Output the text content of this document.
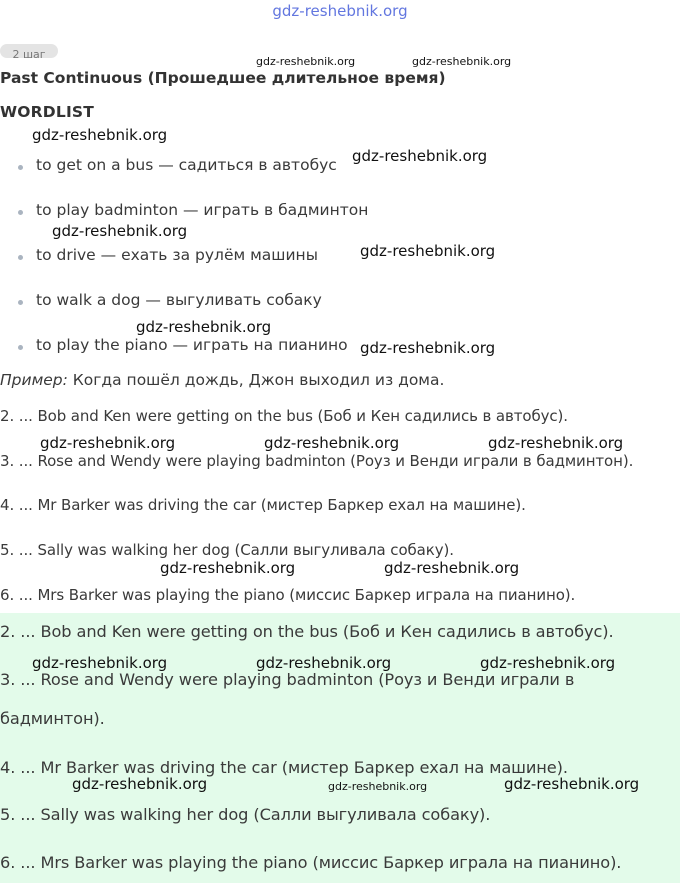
gdz-reshebnik.org
2 шаг
Past Continuous (Прошедшее длительное время)
WORDLIST
to get on a bus — садиться в автобус
to play badminton — играть в бадминтон
to drive — ехать за рулём машины
to walk a dog — выгуливать собаку
to play the piano — играть на пианино
Пример: Когда пошёл дождь, Джон выходил из дома.
2. ... Bob and Ken were getting on the bus (Боб и Кен садились в автобус).
3. ... Rose and Wendy were playing badminton (Роуз и Венди играли в бадминтон).
4. ... Mr Barker was driving the car (мистер Баркер ехал на машине).
5. ... Sally was walking her dog (Салли выгуливала собаку).
6. ... Mrs Barker was playing the piano (миссис Баркер играла на пианино).
2. ... Bob and Ken were getting on the bus (Боб и Кен садились в автобус).
3. ... Rose and Wendy were playing badminton (Роуз и Венди играли в
бадминтон).
4. ... Mr Barker was driving the car (мистер Баркер ехал на машине).
5. ... Sally was walking her dog (Салли выгуливала собаку).
6. ... Mrs Barker was playing the piano (миссис Баркер играла на пианино).
gdz-reshebnik.org	gdz-reshebnik.org
gdz-reshebnik.org
gdz-reshebnik.org
gdz-reshebnik.org
gdz-reshebnik.org
gdz-reshebnik.org
gdz-reshebnik.org
gdz-reshebnik.org	gdz-reshebnik.org	gdz-reshebnik.org
gdz-reshebnik.org	gdz-reshebnik.org
gdz-reshebnik.org	gdz-reshebnik.org	gdz-reshebnik.org
gdz-reshebnik.org	gdz-reshebnik.org	gdz-reshebnik.org
